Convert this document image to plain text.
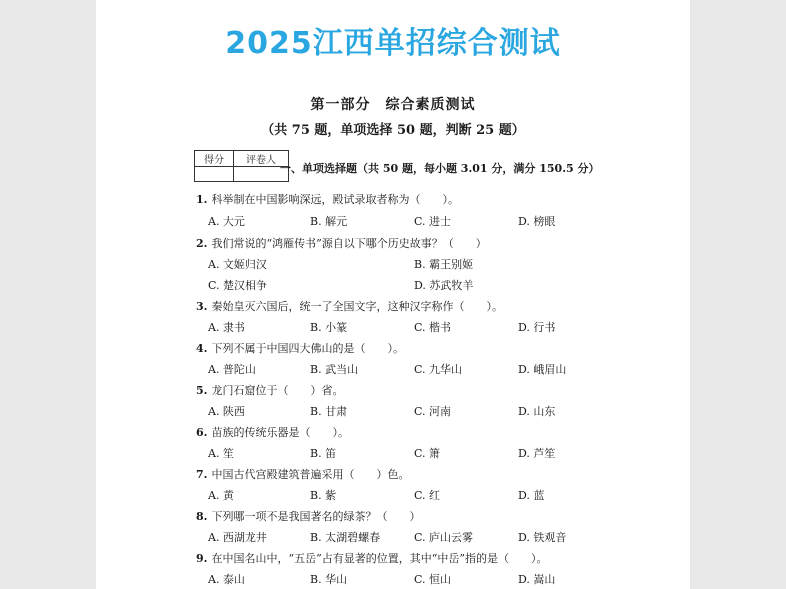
2025江西单招综合测试
第一部分　综合素质测试
（共 75 题，单项选择 50 题，判断 25 题）
得分	评卷人

一、单项选择题（共 50 题，每小题 3.01 分，满分 150.5 分）
1. 科举制在中国影响深远，殿试录取者称为（　　）。
A. 大元	B. 解元	C. 进士	D. 榜眼
2. 我们常说的“鸿雁传书”源自以下哪个历史故事？（　　）
A. 文姬归汉	B. 霸王别姬
C. 楚汉相争	D. 苏武牧羊
3. 秦始皇灭六国后，统一了全国文字，这种汉字称作（　　）。
A. 隶书	B. 小篆	C. 楷书	D. 行书
4. 下列不属于中国四大佛山的是（　　）。
A. 普陀山	B. 武当山	C. 九华山	D. 峨眉山
5. 龙门石窟位于（　　）省。
A. 陕西	B. 甘肃	C. 河南	D. 山东
6. 苗族的传统乐器是（　　）。
A. 笙	B. 笛	C. 箫	D. 芦笙
7. 中国古代宫殿建筑普遍采用（　　）色。
A. 黄	B. 紫	C. 红	D. 蓝
8. 下列哪一项不是我国著名的绿茶？（　　）
A. 西湖龙井	B. 太湖碧螺春	C. 庐山云雾	D. 铁观音
9. 在中国名山中，“五岳”占有显著的位置，其中“中岳”指的是（　　）。
A. 泰山	B. 华山	C. 恒山	D. 嵩山
